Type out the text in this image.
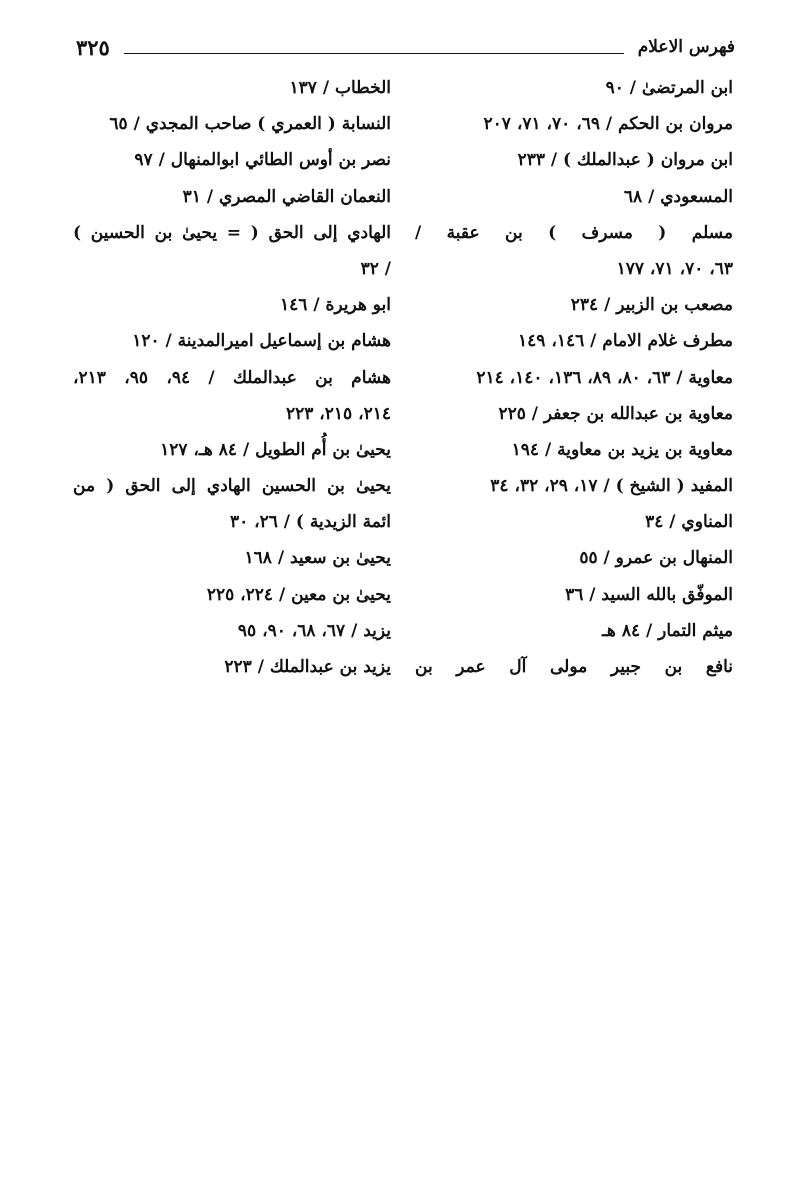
فهرس الاعلام
٣٢٥
ابن المرتضىٰ / ٩٠
مروان بن الحكم / ٦٩، ٧٠، ٧١، ٢٠٧
ابن مروان ( عبدالملك ) / ٢٣٣
المسعودي / ٦٨
مسلم ( مسرف ) بن عقبة /
٦٣، ٧٠، ٧١، ١٧٧
مصعب بن الزبير / ٢٣٤
مطرف غلام الامام / ١٤٦، ١٤٩
معاوية / ٦٣، ٨٠، ٨٩، ١٣٦، ١٤٠، ٢١٤
معاوية بن عبدالله بن جعفر / ٢٢٥
معاوية بن يزيد بن معاوية / ١٩٤
المفيد ( الشيخ ) / ١٧، ٢٩، ٣٢، ٣٤
المناوي / ٣٤
المنهال بن عمرو / ٥٥
الموفّق بالله السيد / ٣٦
ميثم التمار / ٨٤ هـ
نافع بن جبير مولى آل عمر بن
الخطاب / ١٣٧
النسابة ( العمري ) صاحب المجدي / ٦٥
نصر بن أوس الطائي ابوالمنهال / ٩٧
النعمان القاضي المصري / ٣١
الهادي إلى الحق ( = يحيىٰ بن الحسين )
/ ٣٢
ابو هريرة / ١٤٦
هشام بن إسماعيل اميرالمدينة / ١٢٠
هشام بن عبدالملك / ٩٤، ٩٥، ٢١٣،
٢١٤، ٢١٥، ٢٢٣
يحيىٰ بن أُم الطويل / ٨٤ هـ، ١٢٧
يحيىٰ بن الحسين الهادي إلى الحق ( من
ائمة الزيدية ) / ٢٦، ٣٠
يحيىٰ بن سعيد / ١٦٨
يحيىٰ بن معين / ٢٢٤، ٢٢٥
يزيد / ٦٧، ٦٨، ٩٠، ٩٥
يزيد بن عبدالملك / ٢٢٣
